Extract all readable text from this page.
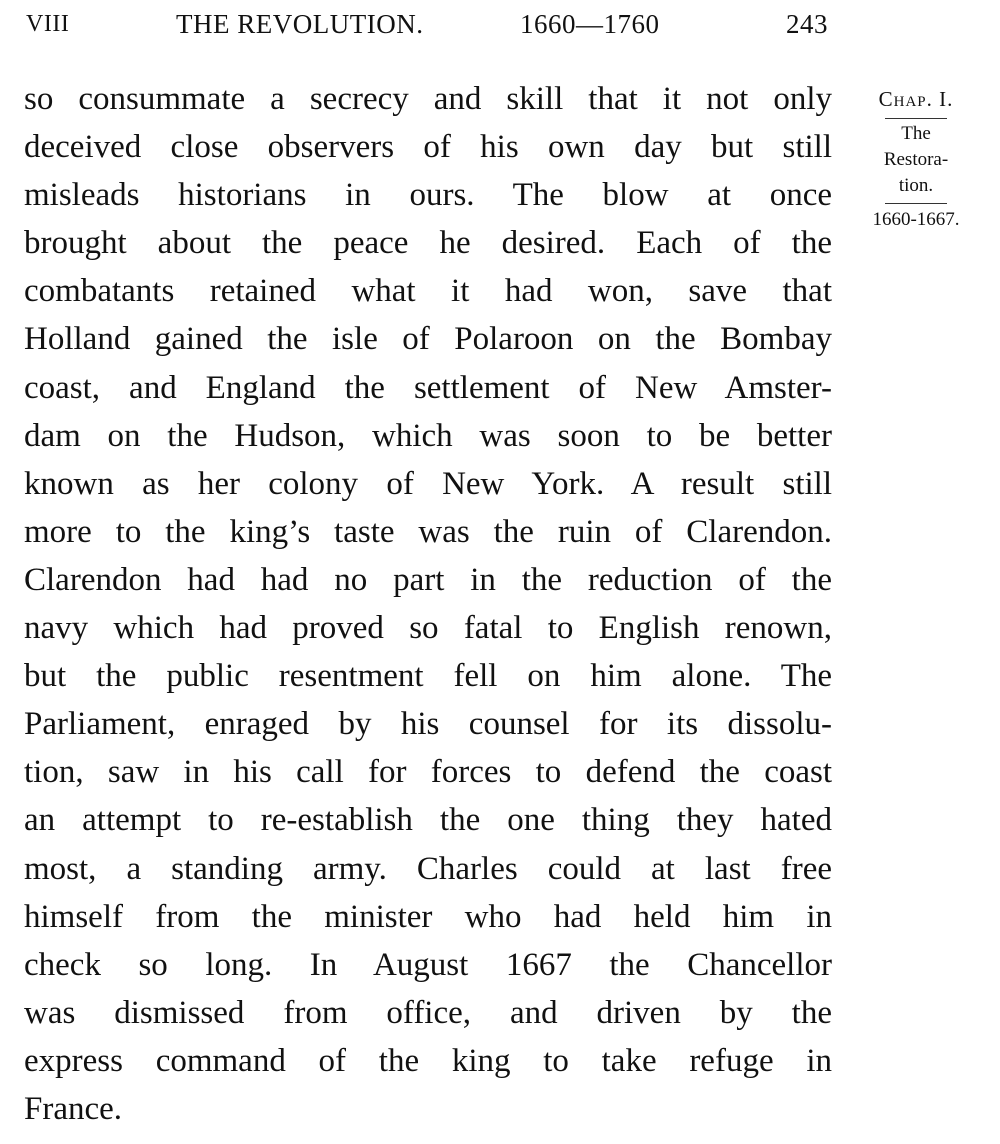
VIII	THE REVOLUTION.	1660—1760	243
so consummate a secrecy and skill that it not only
deceived close observers of his own day but still
misleads historians in ours. The blow at once
brought about the peace he desired. Each of the
combatants retained what it had won, save that
Holland gained the isle of Polaroon on the Bombay
coast, and England the settlement of New Amster-
dam on the Hudson, which was soon to be better
known as her colony of New York. A result still
more to the king’s taste was the ruin of Clarendon.
Clarendon had had no part in the reduction of the
navy which had proved so fatal to English renown,
but the public resentment fell on him alone. The
Parliament, enraged by his counsel for its dissolu-
tion, saw in his call for forces to defend the coast
an attempt to re-establish the one thing they hated
most, a standing army. Charles could at last free
himself from the minister who had held him in
check so long. In August 1667 the Chancellor
was dismissed from office, and driven by the
express command of the king to take refuge in
France.
Chap. I.
The
Restora-
tion.
1660-1667.
